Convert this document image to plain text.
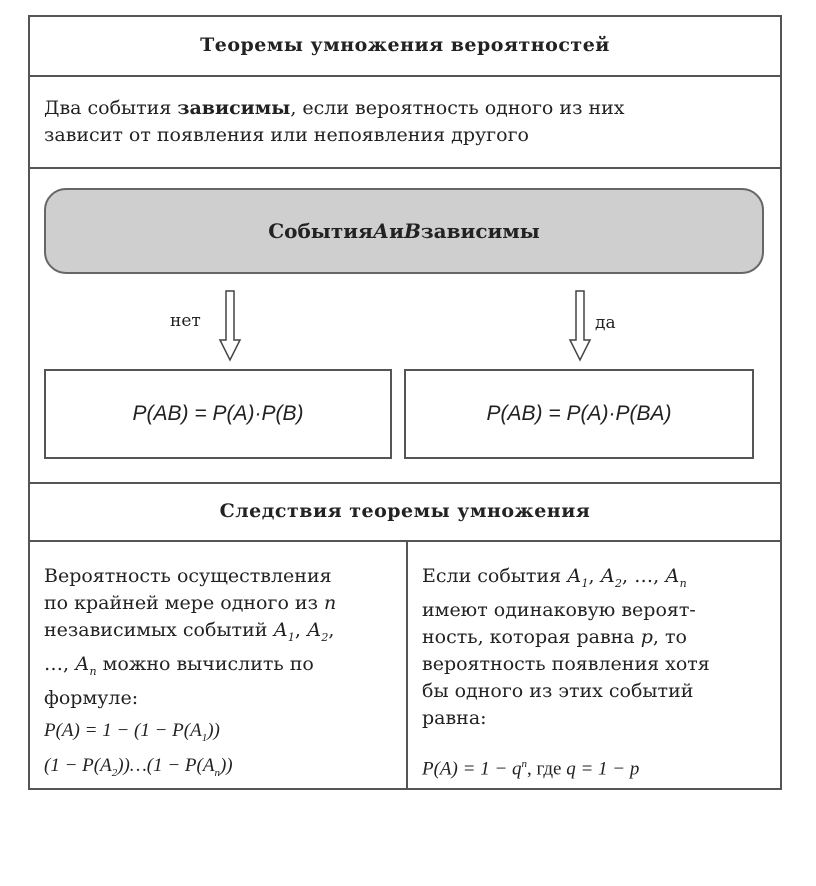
Теоремы умножения вероятностей
Два события зависимы, если вероятность одного из них
зависит от появления или непоявления другого
События А и В зависимы
нет	да
P(AB) = P(A)·P(B)	P(AB) = P(A)·P(BA)
Следствия теоремы умножения
Вероятность осуществления
по крайней мере одного из n
независимых событий $А_1$, $А_2$,
…, $А_n$ можно вычислить по
формуле:
$P(A) = 1 - (1 - P(A_1))$
$(1 - P(A_2))\dots(1 - P(A_n))$
Если события $А_1$, $А_2$, …, $А_n$
имеют одинаковую вероят-
ность, которая равна p, то
вероятность появления хотя
бы одного из этих событий
равна:
$P(A) = 1 - q^n$, где q = 1 − p
